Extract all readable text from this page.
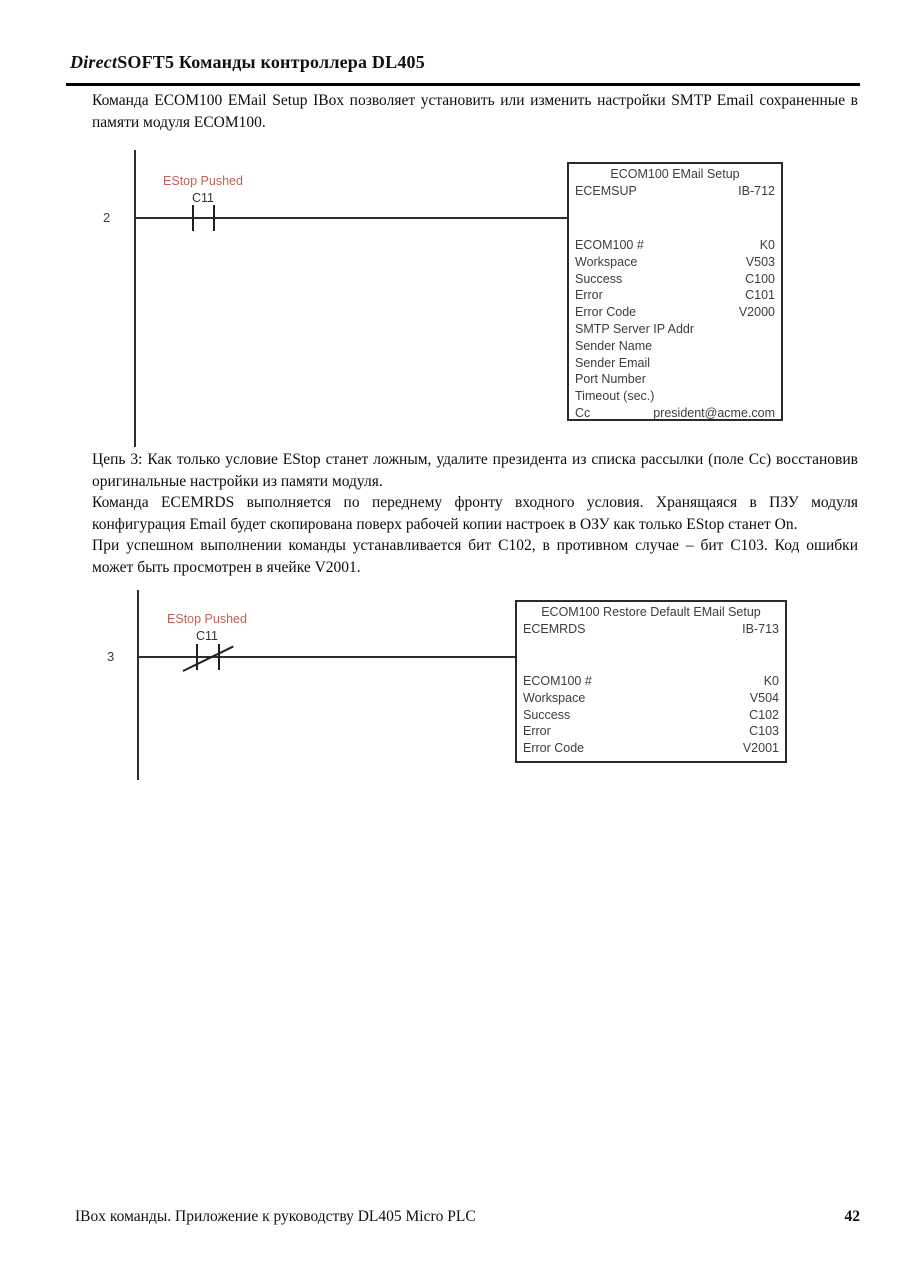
DirectSOFT5 Команды контроллера DL405

Команда ECOM100 EMail Setup IBox позволяет установить или изменить настройки SMTP Email сохраненные в памяти модуля ECOM100.

2
EStop Pushed
C11
ECOM100 EMail Setup
ECEMSUP	IB-712
ECOM100 #	K0
Workspace	V503
Success	C100
Error	C101
Error Code	V2000
SMTP Server IP Addr
Sender Name
Sender Email
Port Number
Timeout (sec.)
Cc	president@acme.com

Цепь 3: Как только условие EStop станет ложным, удалите президента из списка рассылки (поле Cc) восстановив оригинальные настройки из памяти модуля.

Команда ECEMRDS выполняется по переднему фронту входного условия. Хранящаяся в ПЗУ модуля конфигурация Email будет скопирована поверх рабочей копии настроек в ОЗУ как только EStop станет On.

При успешном выполнении команды устанавливается бит C102, в противном случае – бит C103. Код ошибки может быть просмотрен в ячейке V2001.

3
EStop Pushed
C11
ECOM100 Restore Default EMail Setup
ECEMRDS	IB-713
ECOM100 #	K0
Workspace	V504
Success	C102
Error	C103
Error Code	V2001
IBox команды. Приложение к руководству DL405 Micro PLC	42
